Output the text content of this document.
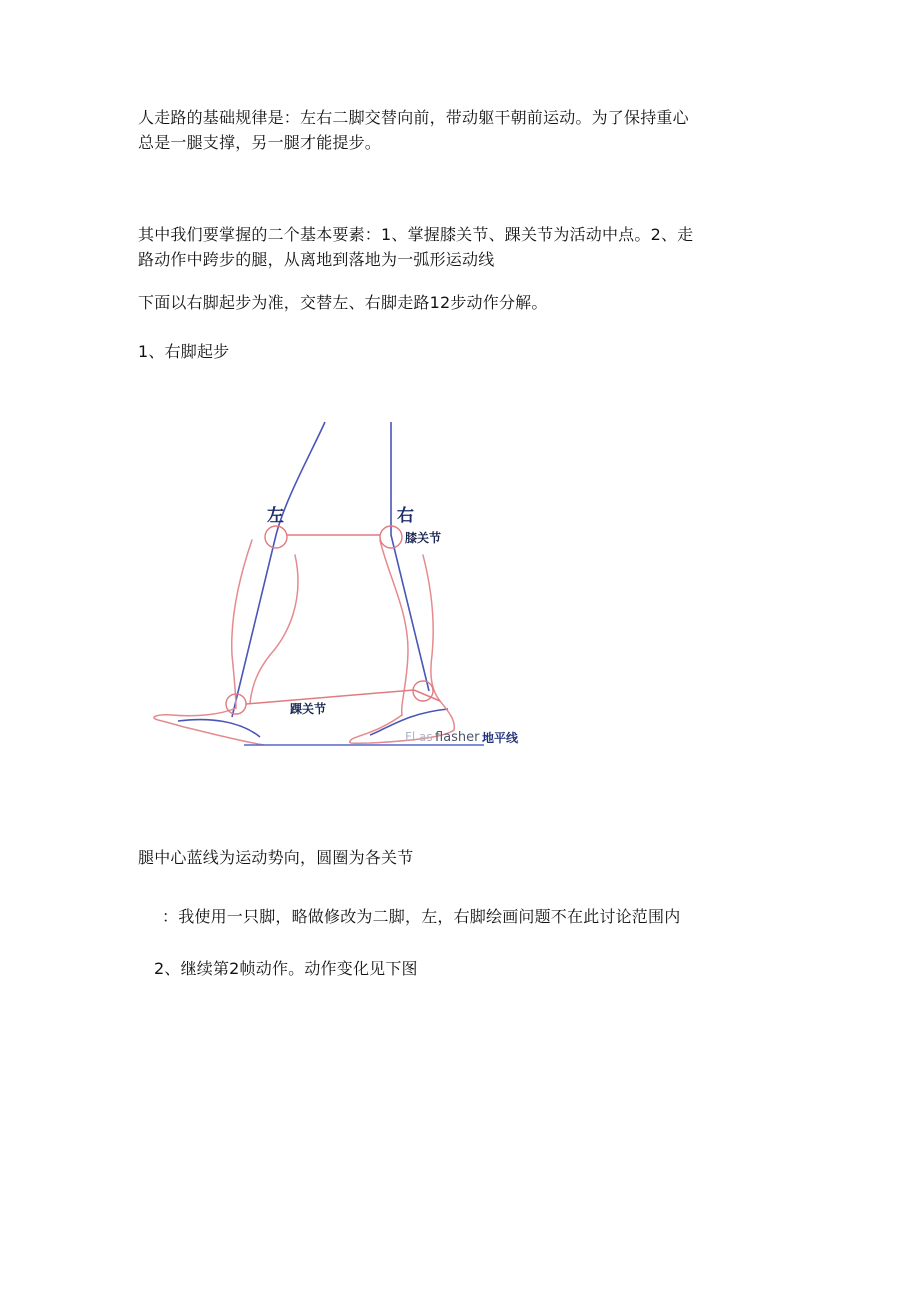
人走路的基础规律是：左右二脚交替向前，带动躯干朝前运动。为了保持重心
总是一腿支撑，另一腿才能提步。

其中我们要掌握的二个基本要素：1、掌握膝关节、踝关节为活动中点。2、走
路动作中跨步的腿，从离地到落地为一弧形运动线

下面以右脚起步为准，交替左、右脚走路12步动作分解。

1、右脚起步

左	右
膝关节
踝关节
Fl as flasher 地平线

腿中心蓝线为运动势向，圆圈为各关节

：我使用一只脚，略做修改为二脚，左，右脚绘画问题不在此讨论范围内

2、继续第2帧动作。动作变化见下图
